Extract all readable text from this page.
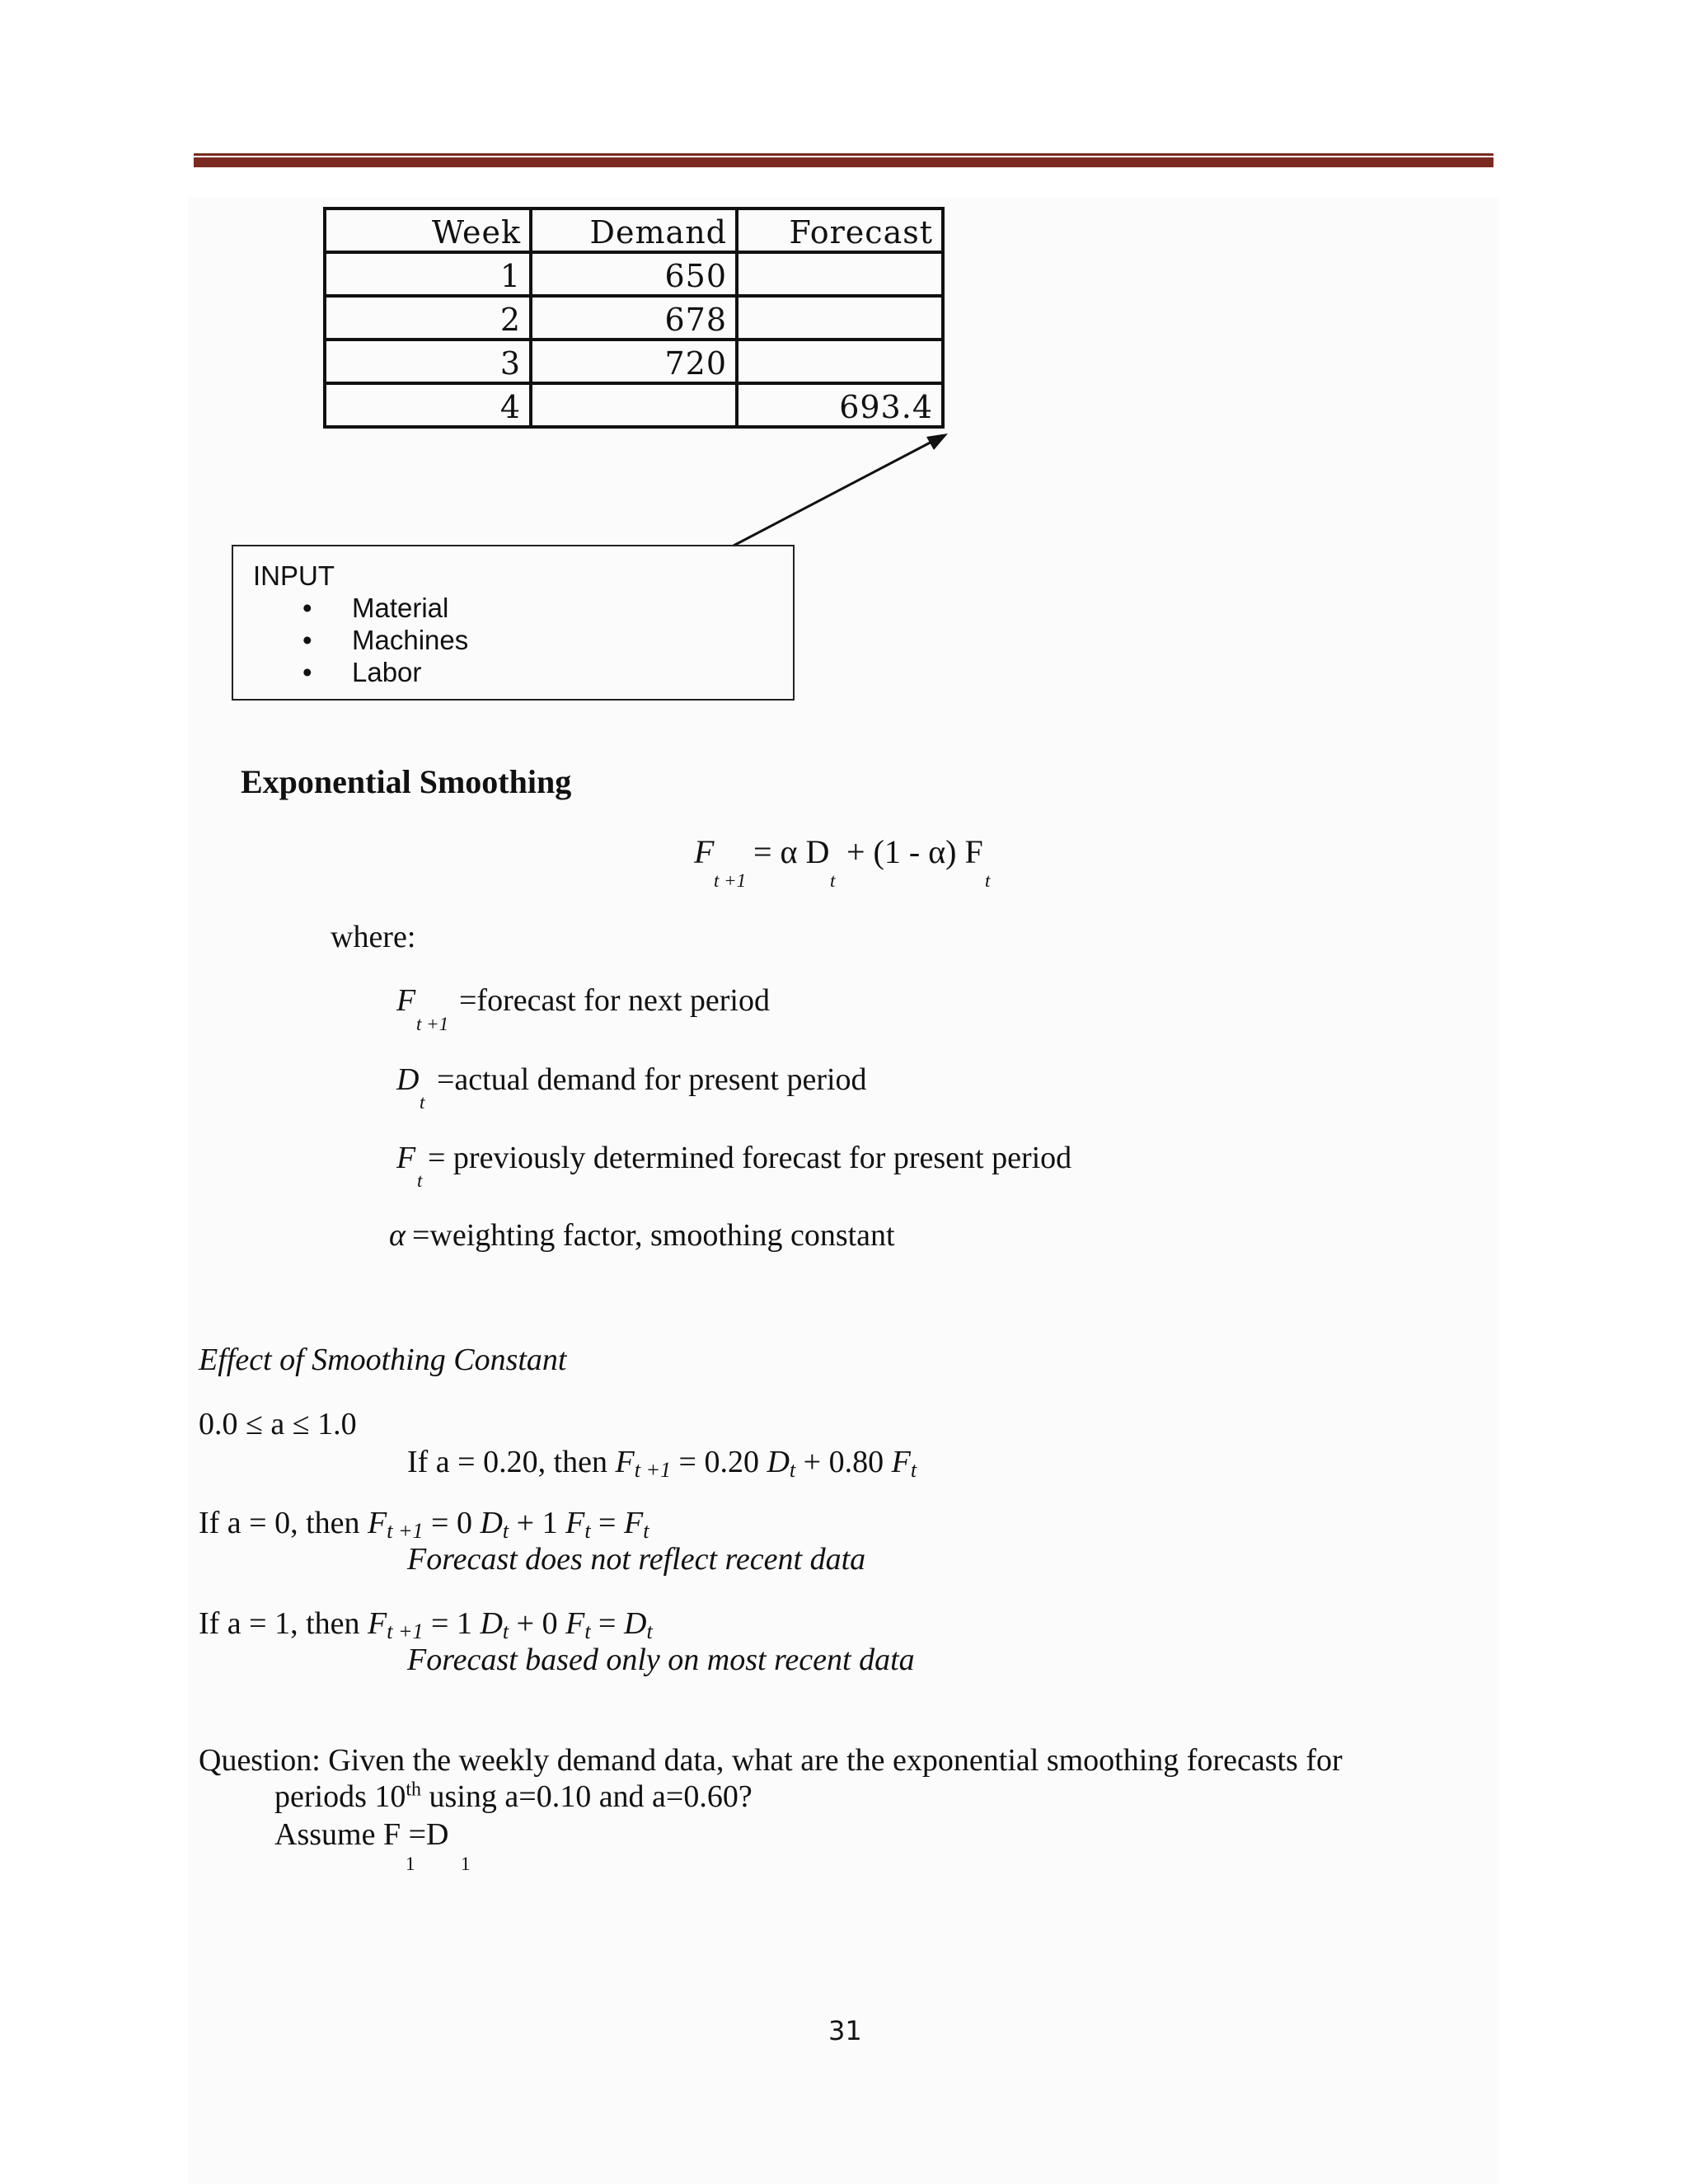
Week	Demand	Forecast
1	650	
2	678	
3	720	
4		693.4
INPUT
• Material
• Machines
• Labor
Exponential Smoothing
F
t +1
= α D
t
+ (1 - α) F
t
where:
F
t +1
=forecast for next period
D
t
=actual demand for present period
F
t
= previously determined forecast for present period
α =weighting factor, smoothing constant
Effect of Smoothing Constant
0.0 ≤ a ≤ 1.0
If a = 0.20, then $F_{t +1} = 0.20$ $D_t + 0.80$ $F_t$
If a = 0, then $F_{t +1} = 0$ $D_t + 1$ $F_t = F_t$
Forecast does not reflect recent data
If a = 1, then $F_{t +1} = 1$ $D_t + 0$ $F_t = D_t$
Forecast based only on most recent data
Question: Given the weekly demand data, what are the exponential smoothing forecasts for
periods 10th using a=0.10 and a=0.60?
Assume F =D
1 1
31
